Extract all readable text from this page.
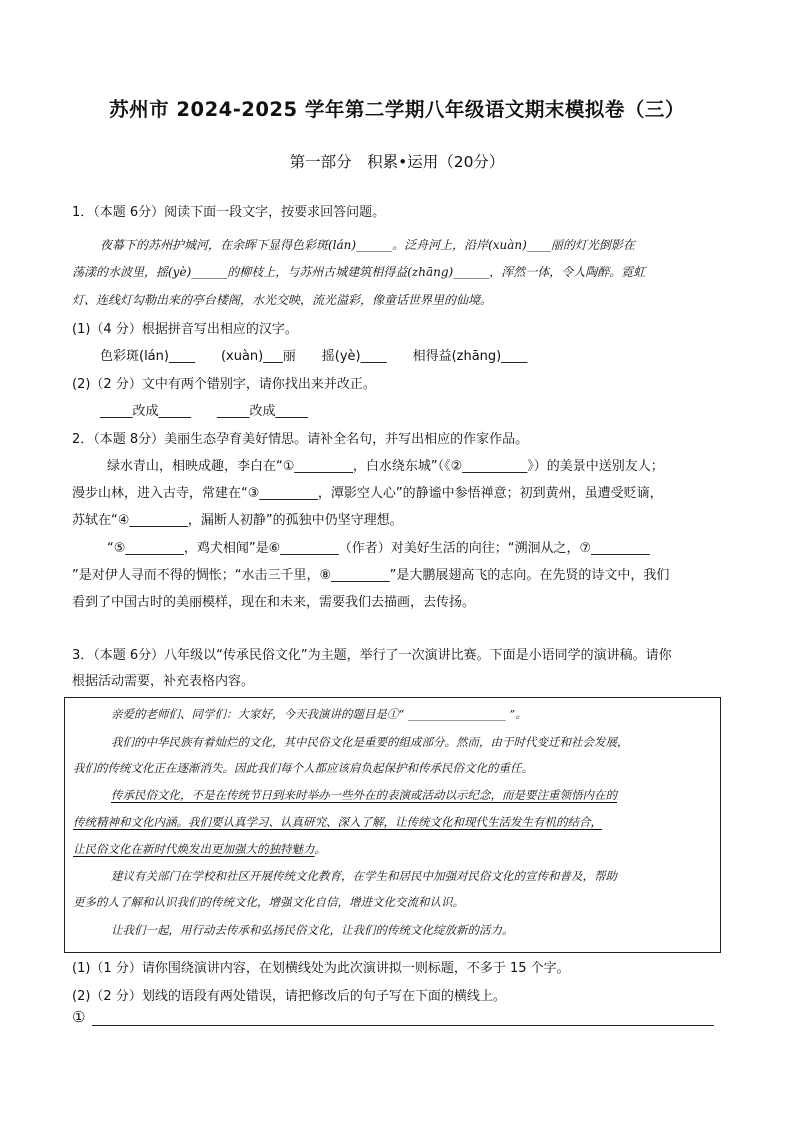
苏州市 2024-2025 学年第二学期八年级语文期末模拟卷（三）
第一部分　积累•运用（20分）
1．（本题 6分）阅读下面一段文字，按要求回答问题。
夜幕下的苏州护城河，在余晖下显得色彩斑(lán)______。泛舟河上，沿岸(xuàn)____丽的灯光倒影在
荡漾的水波里，摇(yè)______的柳枝上，与苏州古城建筑相得益(zhāng)______，浑然一体，令人陶醉。霓虹
灯、连线灯勾勒出来的亭台楼阁，水光交映，流光溢彩，像童话世界里的仙境。
(1)（4 分）根据拼音写出相应的汉字。
色彩斑(lán)____　　(xuàn)___丽　　摇(yè)____　　相得益(zhāng)____
(2)（2 分）文中有两个错别字，请你找出来并改正。
_____改成_____　　_____改成_____
2．（本题 8分）美丽生态孕育美好情思。请补全名句，并写出相应的作家作品。
绿水青山，相映成趣，李白在“①_________，白水绕东城”（《②__________》）的美景中送别友人；
漫步山林，进入古寺，常建在“③_________，潭影空人心”的静谧中参悟禅意；初到黄州，虽遭受贬谪，
苏轼在“④_________，漏断人初静”的孤独中仍坚守理想。
“⑤_________，鸡犬相闻”是⑥_________（作者）对美好生活的向往；“溯洄从之，⑦_________
”是对伊人寻而不得的惆怅；“水击三千里，⑧_________”是大鹏展翅高飞的志向。在先贤的诗文中，我们
看到了中国古时的美丽模样，现在和未来，需要我们去描画，去传扬。
3．（本题 6分）八年级以“传承民俗文化”为主题，举行了一次演讲比赛。下面是小语同学的演讲稿。请你
根据活动需要，补充表格内容。
亲爱的老师们、同学们：大家好，今天我演讲的题目是①“ _________________ ”。
我们的中华民族有着灿烂的文化，其中民俗文化是重要的组成部分。然而，由于时代变迁和社会发展，
我们的传统文化正在逐渐消失。因此我们每个人都应该肩负起保护和传承民俗文化的重任。
传承民俗文化，不是在传统节日到来时举办一些外在的表演或活动以示纪念，而是要注重领悟内在的
传统精神和文化内涵。我们要认真学习、认真研究、深入了解，让传统文化和现代生活发生有机的结合，
让民俗文化在新时代焕发出更加强大的独特魅力。
建议有关部门在学校和社区开展传统文化教育，在学生和居民中加强对民俗文化的宣传和普及，帮助
更多的人了解和认识我们的传统文化，增强文化自信，增进文化交流和认识。
让我们一起，用行动去传承和弘扬民俗文化，让我们的传统文化绽放新的活力。
(1)（1 分）请你围绕演讲内容，在划横线处为此次演讲拟一则标题，不多于 15 个字。
(2)（2 分）划线的语段有两处错误，请把修改后的句子写在下面的横线上。
①
